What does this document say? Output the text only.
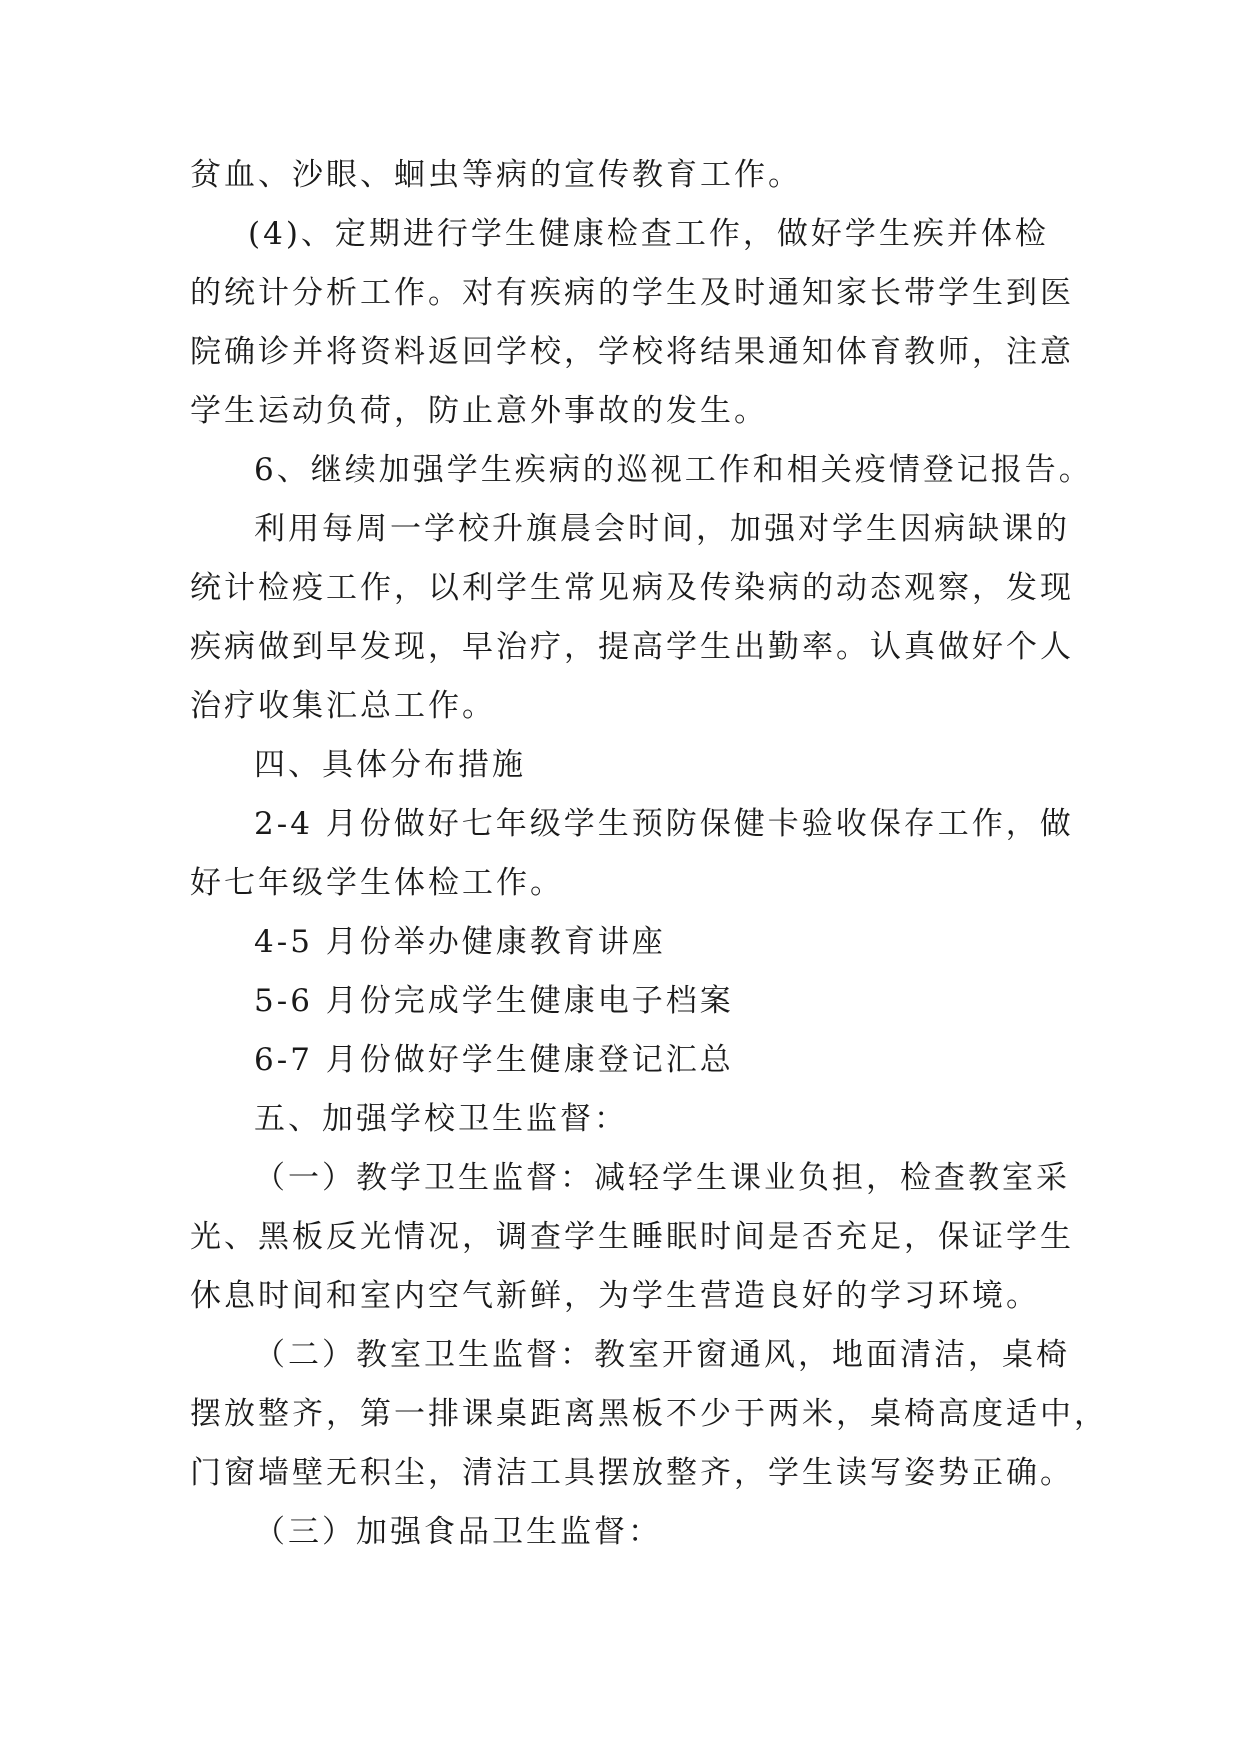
贫血、沙眼、蛔虫等病的宣传教育工作。
(4)、定期进行学生健康检查工作，做好学生疾并体检
的统计分析工作。对有疾病的学生及时通知家长带学生到医
院确诊并将资料返回学校，学校将结果通知体育教师，注意
学生运动负荷，防止意外事故的发生。
6、继续加强学生疾病的巡视工作和相关疫情登记报告。
利用每周一学校升旗晨会时间，加强对学生因病缺课的
统计检疫工作，以利学生常见病及传染病的动态观察，发现
疾病做到早发现，早治疗，提高学生出勤率。认真做好个人
治疗收集汇总工作。
四、具体分布措施
2-4 月份做好七年级学生预防保健卡验收保存工作，做
好七年级学生体检工作。
4-5 月份举办健康教育讲座
5-6 月份完成学生健康电子档案
6-7 月份做好学生健康登记汇总
五、加强学校卫生监督：
（一）教学卫生监督：减轻学生课业负担，检查教室采
光、黑板反光情况，调查学生睡眠时间是否充足，保证学生
休息时间和室内空气新鲜，为学生营造良好的学习环境。
（二）教室卫生监督：教室开窗通风，地面清洁，桌椅
摆放整齐，第一排课桌距离黑板不少于两米，桌椅高度适中，
门窗墙壁无积尘，清洁工具摆放整齐，学生读写姿势正确。
（三）加强食品卫生监督：
